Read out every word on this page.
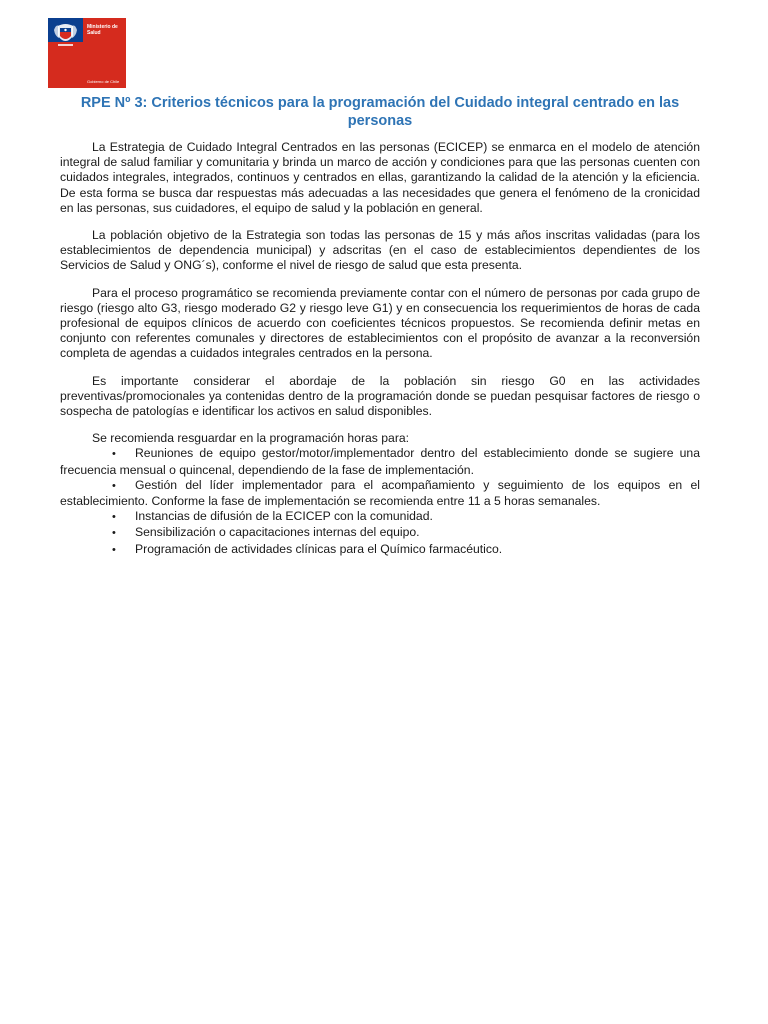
Ministerio de
Salud
Gobierno de Chile
RPE Nº 3: Criterios técnicos para la programación del Cuidado integral centrado en las personas

La Estrategia de Cuidado Integral Centrados en las personas (ECICEP) se enmarca en el modelo de atención integral de salud familiar y comunitaria y brinda un marco de acción y condiciones para que las personas cuenten con cuidados integrales, integrados, continuos y centrados en ellas, garantizando la calidad de la atención y la eficiencia. De esta forma se busca dar respuestas más adecuadas a las necesidades que genera el fenómeno de la cronicidad en las personas, sus cuidadores, el equipo de salud y la población en general.

La población objetivo de la Estrategia son todas las personas de 15 y más años inscritas validadas (para los establecimientos de dependencia municipal) y adscritas (en el caso de establecimientos dependientes de los Servicios de Salud y ONG´s), conforme el nivel de riesgo de salud que esta presenta.

Para el proceso programático se recomienda previamente contar con el número de personas por cada grupo de riesgo (riesgo alto G3, riesgo moderado G2 y riesgo leve G1) y en consecuencia los requerimientos de horas de cada profesional de equipos clínicos de acuerdo con coeficientes técnicos propuestos. Se recomienda definir metas en conjunto con referentes comunales y directores de establecimientos con el propósito de avanzar a la reconversión completa de agendas a cuidados integrales centrados en la persona.

Es importante considerar el abordaje de la población sin riesgo G0 en las actividades preventivas/promocionales ya contenidas dentro de la programación donde se puedan pesquisar factores de riesgo o sospecha de patologías e identificar los activos en salud disponibles.

Se recomienda resguardar en la programación horas para:
• Reuniones de equipo gestor/motor/implementador dentro del establecimiento donde se sugiere una frecuencia mensual o quincenal, dependiendo de la fase de implementación.
• Gestión del líder implementador para el acompañamiento y seguimiento de los equipos en el establecimiento. Conforme la fase de implementación se recomienda entre 11 a 5 horas semanales.
• Instancias de difusión de la ECICEP con la comunidad.
• Sensibilización o capacitaciones internas del equipo.
• Programación de actividades clínicas para el Químico farmacéutico.
